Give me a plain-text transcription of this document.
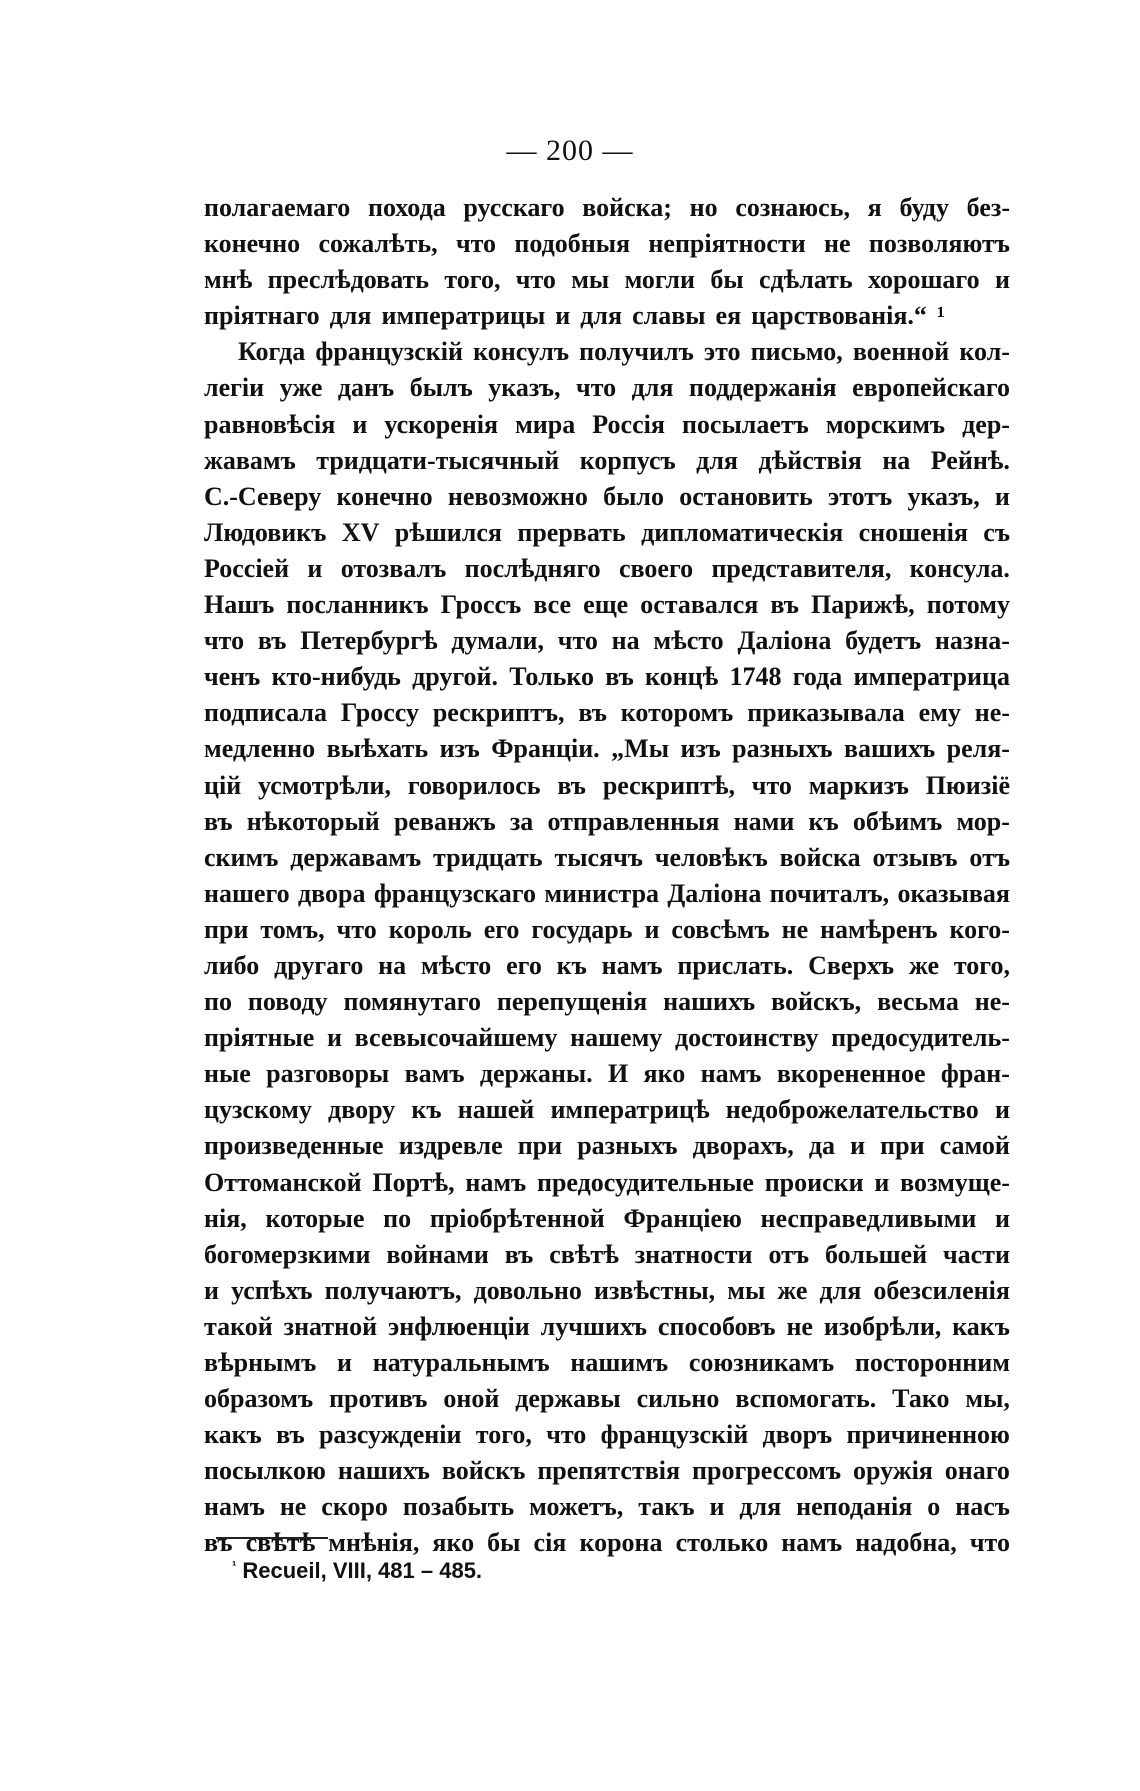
— 200 —
полагаемаго похода русскаго войска; но сознаюсь, я буду без-
конечно сожалѣть, что подобныя непріятности не позволяютъ
мнѣ преслѣдовать того, что мы могли бы сдѣлать хорошаго и
пріятнаго для императрицы и для славы ея царствованія.“ ¹
Когда французскій консулъ получилъ это письмо, военной кол-
легіи уже данъ былъ указъ, что для поддержанія европейскаго
равновѣсія и ускоренія мира Россія посылаетъ морскимъ дер-
жавамъ тридцати-тысячный корпусъ для дѣйствія на Рейнѣ.
С.-Северу конечно невозможно было остановить этотъ указъ, и
Людовикъ XV рѣшился прервать дипломатическія сношенія съ
Россіей и отозвалъ послѣдняго своего представителя, консула.
Нашъ посланникъ Гроссъ все еще оставался въ Парижѣ, потому
что въ Петербургѣ думали, что на мѣсто Даліона будетъ назна-
ченъ кто-нибудь другой. Только въ концѣ 1748 года императрица
подписала Гроссу рескриптъ, въ которомъ приказывала ему не-
медленно выѣхать изъ Франціи. „Мы изъ разныхъ вашихъ реля-
цій усмотрѣли, говорилось въ рескриптѣ, что маркизъ Пюизіё
въ нѣкоторый реванжъ за отправленныя нами къ обѣимъ мор-
скимъ державамъ тридцать тысячъ человѣкъ войска отзывъ отъ
нашего двора французскаго министра Даліона почиталъ, оказывая
при томъ, что король его государь и совсѣмъ не намѣренъ кого-
либо другаго на мѣсто его къ намъ прислать. Сверхъ же того,
по поводу помянутаго перепущенія нашихъ войскъ, весьма не-
пріятные и всевысочайшему нашему достоинству предосудитель-
ные разговоры вамъ держаны. И яко намъ вкорененное фран-
цузскому двору къ нашей императрицѣ недоброжелательство и
произведенные издревле при разныхъ дворахъ, да и при самой
Оттоманской Портѣ, намъ предосудительные происки и возмуще-
нія, которые по пріобрѣтенной Франціею несправедливыми и
богомерзкими войнами въ свѣтѣ знатности отъ большей части
и успѣхъ получаютъ, довольно извѣстны, мы же для обезсиленія
такой знатной энфлюенціи лучшихъ способовъ не изобрѣли, какъ
вѣрнымъ и натуральнымъ нашимъ союзникамъ посторонним
образомъ противъ оной державы сильно вспомогать. Тако мы,
какъ въ разсужденіи того, что французскій дворъ причиненною
посылкою нашихъ войскъ препятствія прогрессомъ оружія онаго
намъ не скоро позабыть можетъ, такъ и для неподанія о насъ
въ свѣтѣ мнѣнія, яко бы сія корона столько намъ надобна, что
$^{^1}$ Recueil, VIII, 481 – 485.
